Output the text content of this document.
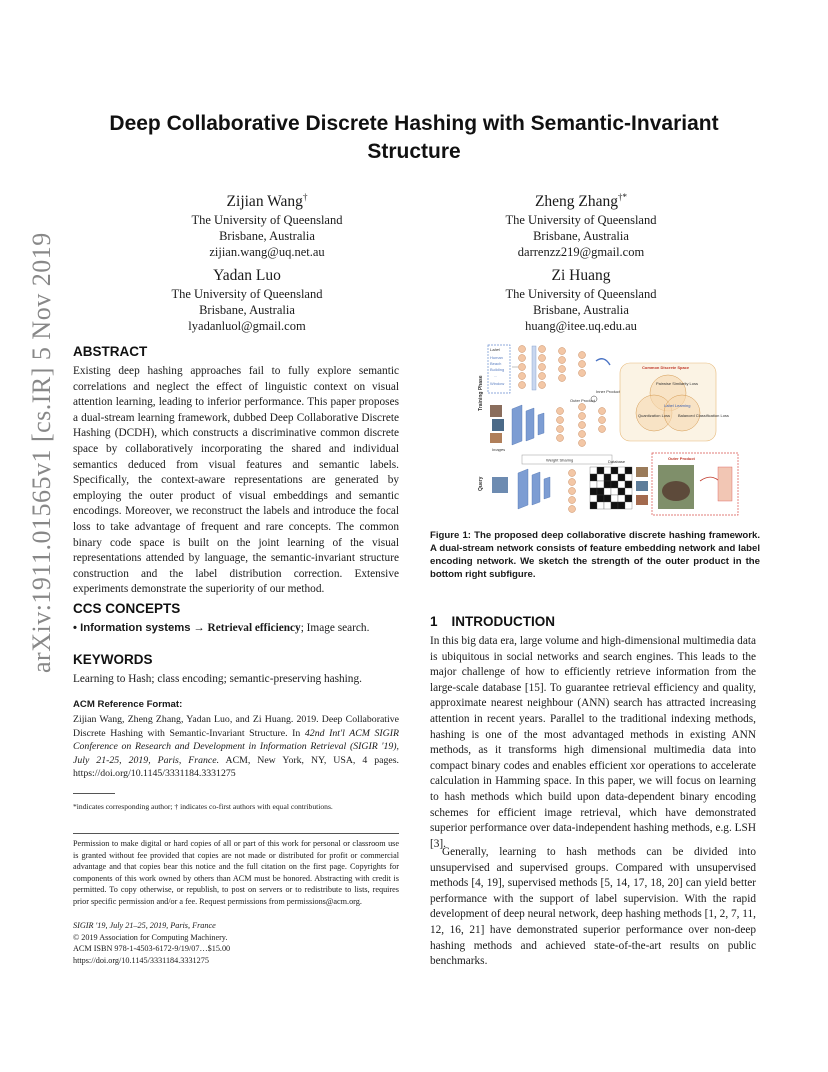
arXiv:1911.01565v1 [cs.IR] 5 Nov 2019
Deep Collaborative Discrete Hashing with Semantic-Invariant Structure
Zijian Wang†
The University of Queensland
Brisbane, Australia
zijian.wang@uq.net.au
Zheng Zhang†*
The University of Queensland
Brisbane, Australia
darrenzz219@gmail.com
Yadan Luo
The University of Queensland
Brisbane, Australia
lyadanluol@gmail.com
Zi Huang
The University of Queensland
Brisbane, Australia
huang@itee.uq.edu.au
ABSTRACT
Existing deep hashing approaches fail to fully explore semantic correlations and neglect the effect of linguistic context on visual attention learning, leading to inferior performance. This paper proposes a dual-stream learning framework, dubbed Deep Collaborative Discrete Hashing (DCDH), which constructs a discriminative common discrete space by collaboratively incorporating the shared and individual semantics deduced from visual features and semantic labels. Specifically, the context-aware representations are generated by employing the outer product of visual embeddings and semantic encodings. Moreover, we reconstruct the labels and introduce the focal loss to take advantage of frequent and rare concepts. The common binary code space is built on the joint learning of the visual representations attended by language, the semantic-invariant structure construction and the label distribution correction. Extensive experiments demonstrate the superiority of our method.
CCS CONCEPTS
• Information systems → Retrieval efficiency; Image search.
KEYWORDS
Learning to Hash; class encoding; semantic-preserving hashing.
ACM Reference Format:
Zijian Wang, Zheng Zhang, Yadan Luo, and Zi Huang. 2019. Deep Collaborative Discrete Hashing with Semantic-Invariant Structure. In 42nd Int'l ACM SIGIR Conference on Research and Development in Information Retrieval (SIGIR '19), July 21-25, 2019, Paris, France. ACM, New York, NY, USA, 4 pages. https://doi.org/10.1145/3331184.3331275
*indicates corresponding author; † indicates co-first authors with equal contributions.
Permission to make digital or hard copies of all or part of this work for personal or classroom use is granted without fee provided that copies are not made or distributed for profit or commercial advantage and that copies bear this notice and the full citation on the first page. Copyrights for components of this work owned by others than ACM must be honored. Abstracting with credit is permitted. To copy otherwise, or republish, to post on servers or to redistribute to lists, requires prior specific permission and/or a fee. Request permissions from permissions@acm.org.
SIGIR '19, July 21–25, 2019, Paris, France
© 2019 Association for Computing Machinery.
ACM ISBN 978-1-4503-6172-9/19/07…$15.00
https://doi.org/10.1145/3331184.3331275
Label
Human
Beach
Building
...
Window
Training Phase
Query
Inner Product
Images
Outer Product
Common Discrete Space
Pairwise Similarity Loss
Quantization Loss
Label Learning
Balanced Classification Loss
Weight Sharing	Database
Outer Product
Figure 1: The proposed deep collaborative discrete hashing framework. A dual-stream network consists of feature embedding network and label encoding network. We sketch the strength of the outer product in the bottom right subfigure.
1 INTRODUCTION
In this big data era, large volume and high-dimensional multimedia data is ubiquitous in social networks and search engines. This leads to the major challenge of how to efficiently retrieve information from the large-scale database [15]. To guarantee retrieval efficiency and quality, approximate nearest neighbour (ANN) search has attracted increasing attention in recent years. Parallel to the traditional indexing methods, hashing is one of the most advantaged methods in existing ANN methods, as it transforms high dimensional multimedia data into compact binary codes and enables efficient xor operations to accelerate calculation in Hamming space. In this paper, we will focus on learning to hash methods which build upon data-dependent binary encoding schemes for efficient image retrieval, which have demonstrated superior performance over data-independent hashing methods, e.g. LSH [3].
Generally, learning to hash methods can be divided into unsupervised and supervised groups. Compared with unsupervised methods [4, 19], supervised methods [5, 14, 17, 18, 20] can yield better performance with the support of label supervision. With the rapid development of deep neural network, deep hashing methods [1, 2, 7, 11, 12, 16, 21] have demonstrated superior performance over non-deep hashing methods and achieved state-of-the-art results on public benchmarks.
